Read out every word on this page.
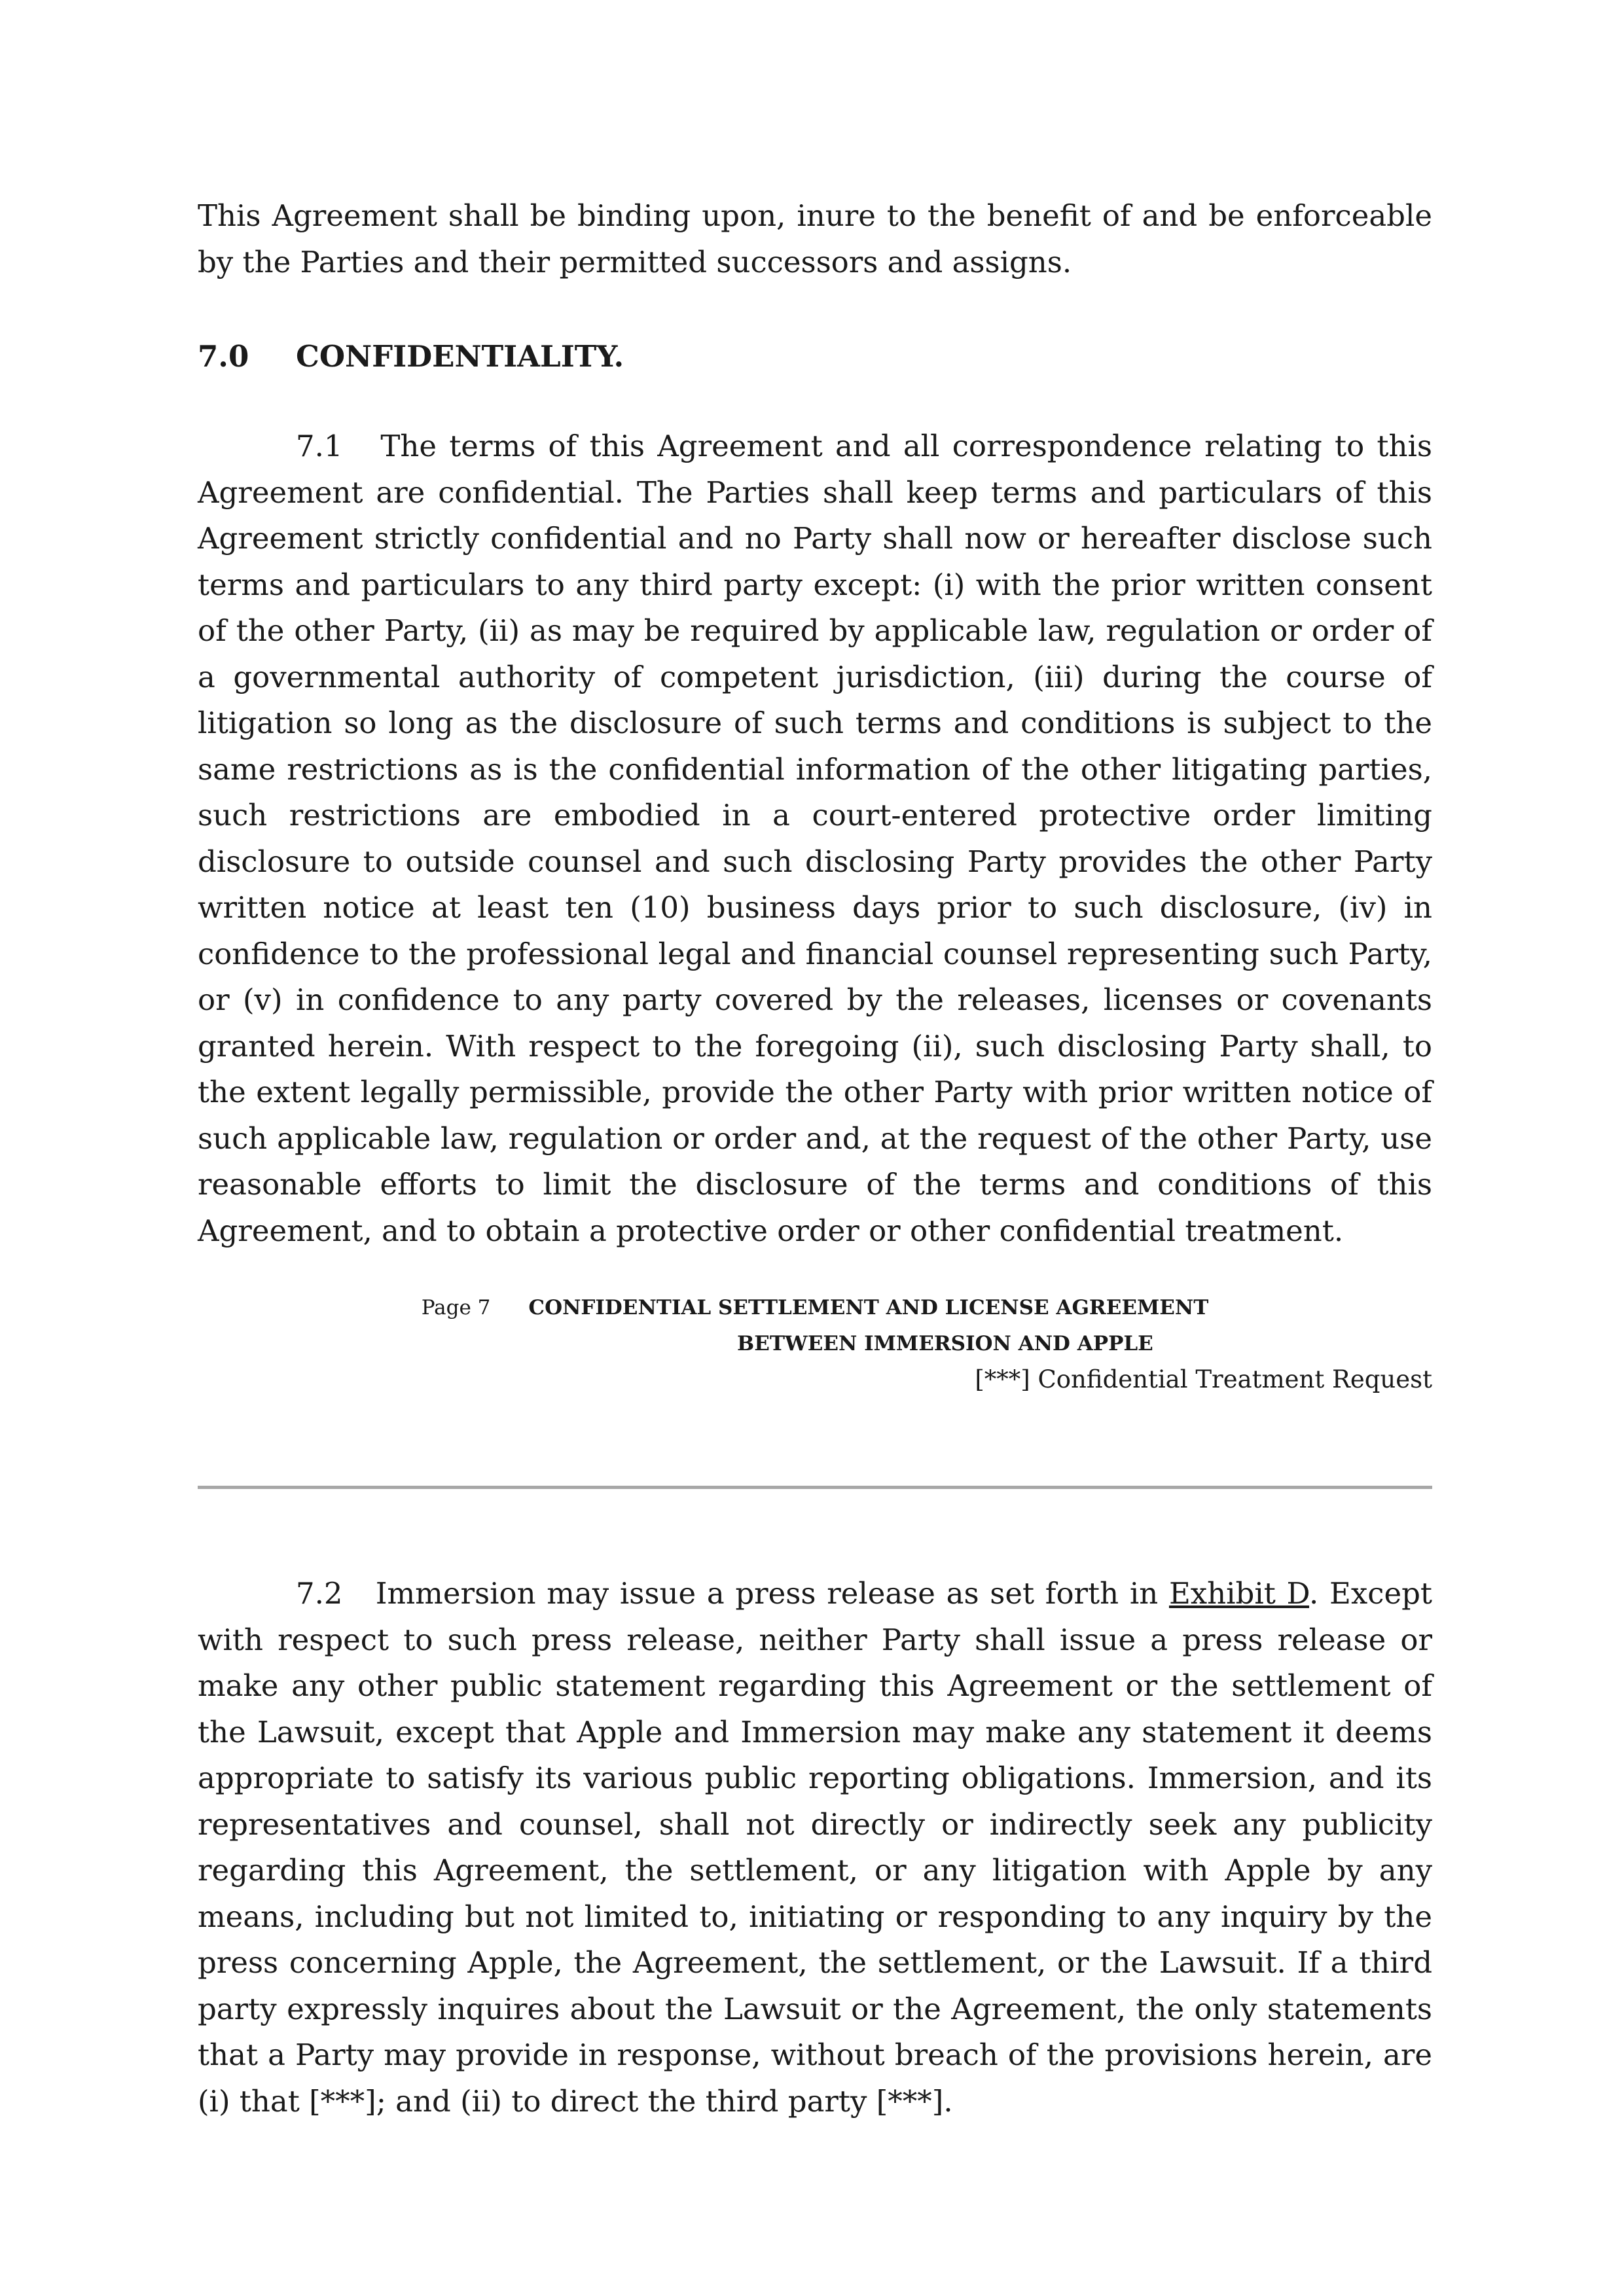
This Agreement shall be binding upon, inure to the benefit of and be enforceable by the Parties and their permitted successors and assigns.

7.0 CONFIDENTIALITY.

7.1 The terms of this Agreement and all correspondence relating to this Agreement are confidential. The Parties shall keep terms and particulars of this Agreement strictly confidential and no Party shall now or hereafter disclose such terms and particulars to any third party except: (i) with the prior written consent of the other Party, (ii) as may be required by applicable law, regulation or order of a governmental authority of competent jurisdiction, (iii) during the course of litigation so long as the disclosure of such terms and conditions is subject to the same restrictions as is the confidential information of the other litigating parties, such restrictions are embodied in a court-entered protective order limiting disclosure to outside counsel and such disclosing Party provides the other Party written notice at least ten (10) business days prior to such disclosure, (iv) in confidence to the professional legal and financial counsel representing such Party, or (v) in confidence to any party covered by the releases, licenses or covenants granted herein. With respect to the foregoing (ii), such disclosing Party shall, to the extent legally permissible, provide the other Party with prior written notice of such applicable law, regulation or order and, at the request of the other Party, use reasonable efforts to limit the disclosure of the terms and conditions of this Agreement, and to obtain a protective order or other confidential treatment.

Page 7 CONFIDENTIAL SETTLEMENT AND LICENSE AGREEMENT
BETWEEN IMMERSION AND APPLE
[***] Confidential Treatment Request

7.2 Immersion may issue a press release as set forth in Exhibit D. Except with respect to such press release, neither Party shall issue a press release or make any other public statement regarding this Agreement or the settlement of the Lawsuit, except that Apple and Immersion may make any statement it deems appropriate to satisfy its various public reporting obligations. Immersion, and its representatives and counsel, shall not directly or indirectly seek any publicity regarding this Agreement, the settlement, or any litigation with Apple by any means, including but not limited to, initiating or responding to any inquiry by the press concerning Apple, the Agreement, the settlement, or the Lawsuit. If a third party expressly inquires about the Lawsuit or the Agreement, the only statements that a Party may provide in response, without breach of the provisions herein, are (i) that [***]; and (ii) to direct the third party [***].
